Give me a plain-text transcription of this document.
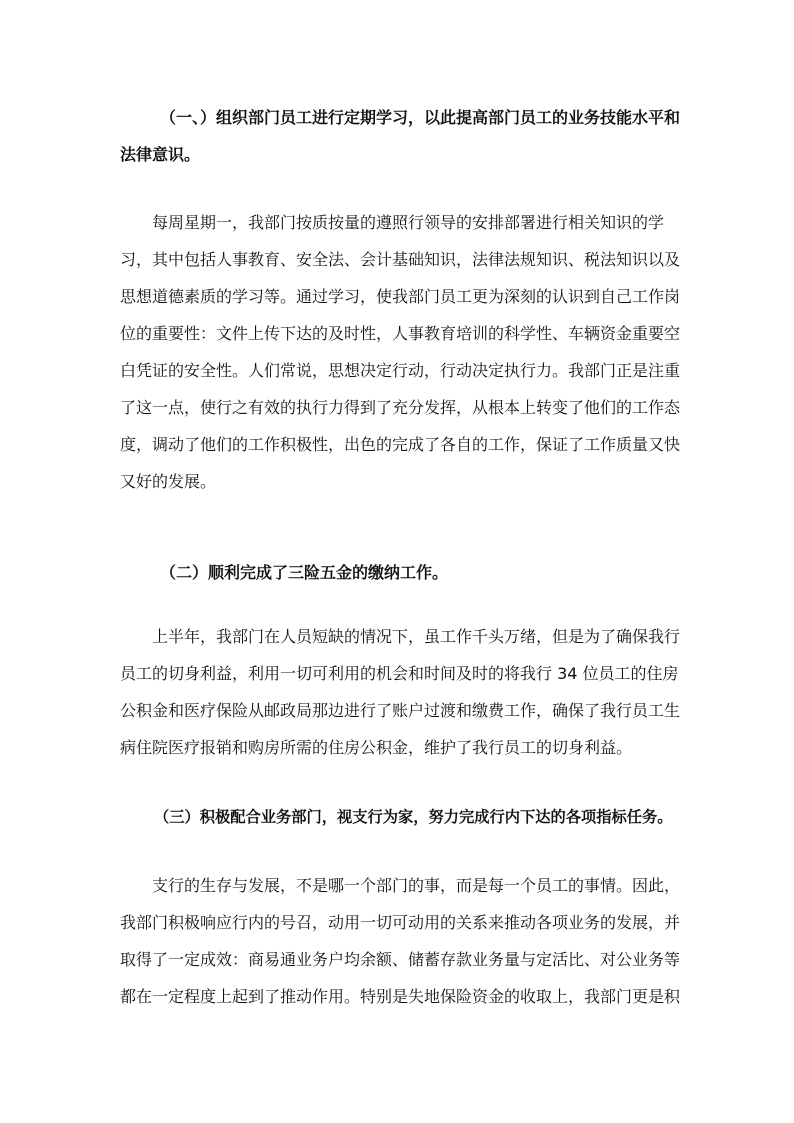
（一、）组织部门员工进行定期学习，以此提高部门员工的业务技能水平和
法律意识。

每周星期一，我部门按质按量的遵照行领导的安排部署进行相关知识的学
习，其中包括人事教育、安全法、会计基础知识，法律法规知识、税法知识以及
思想道德素质的学习等。通过学习，使我部门员工更为深刻的认识到自己工作岗
位的重要性：文件上传下达的及时性，人事教育培训的科学性、车辆资金重要空
白凭证的安全性。人们常说，思想决定行动，行动决定执行力。我部门正是注重
了这一点，使行之有效的执行力得到了充分发挥，从根本上转变了他们的工作态
度，调动了他们的工作积极性，出色的完成了各自的工作，保证了工作质量又快
又好的发展。

（二）顺利完成了三险五金的缴纳工作。

上半年，我部门在人员短缺的情况下，虽工作千头万绪，但是为了确保我行
员工的切身利益，利用一切可利用的机会和时间及时的将我行 34 位员工的住房
公积金和医疗保险从邮政局那边进行了账户过渡和缴费工作，确保了我行员工生
病住院医疗报销和购房所需的住房公积金，维护了我行员工的切身利益。

（三）积极配合业务部门，视支行为家，努力完成行内下达的各项指标任务。

支行的生存与发展，不是哪一个部门的事，而是每一个员工的事情。因此，
我部门积极响应行内的号召，动用一切可动用的关系来推动各项业务的发展，并
取得了一定成效：商易通业务户均余额、储蓄存款业务量与定活比、对公业务等
都在一定程度上起到了推动作用。特别是失地保险资金的收取上，我部门更是积
